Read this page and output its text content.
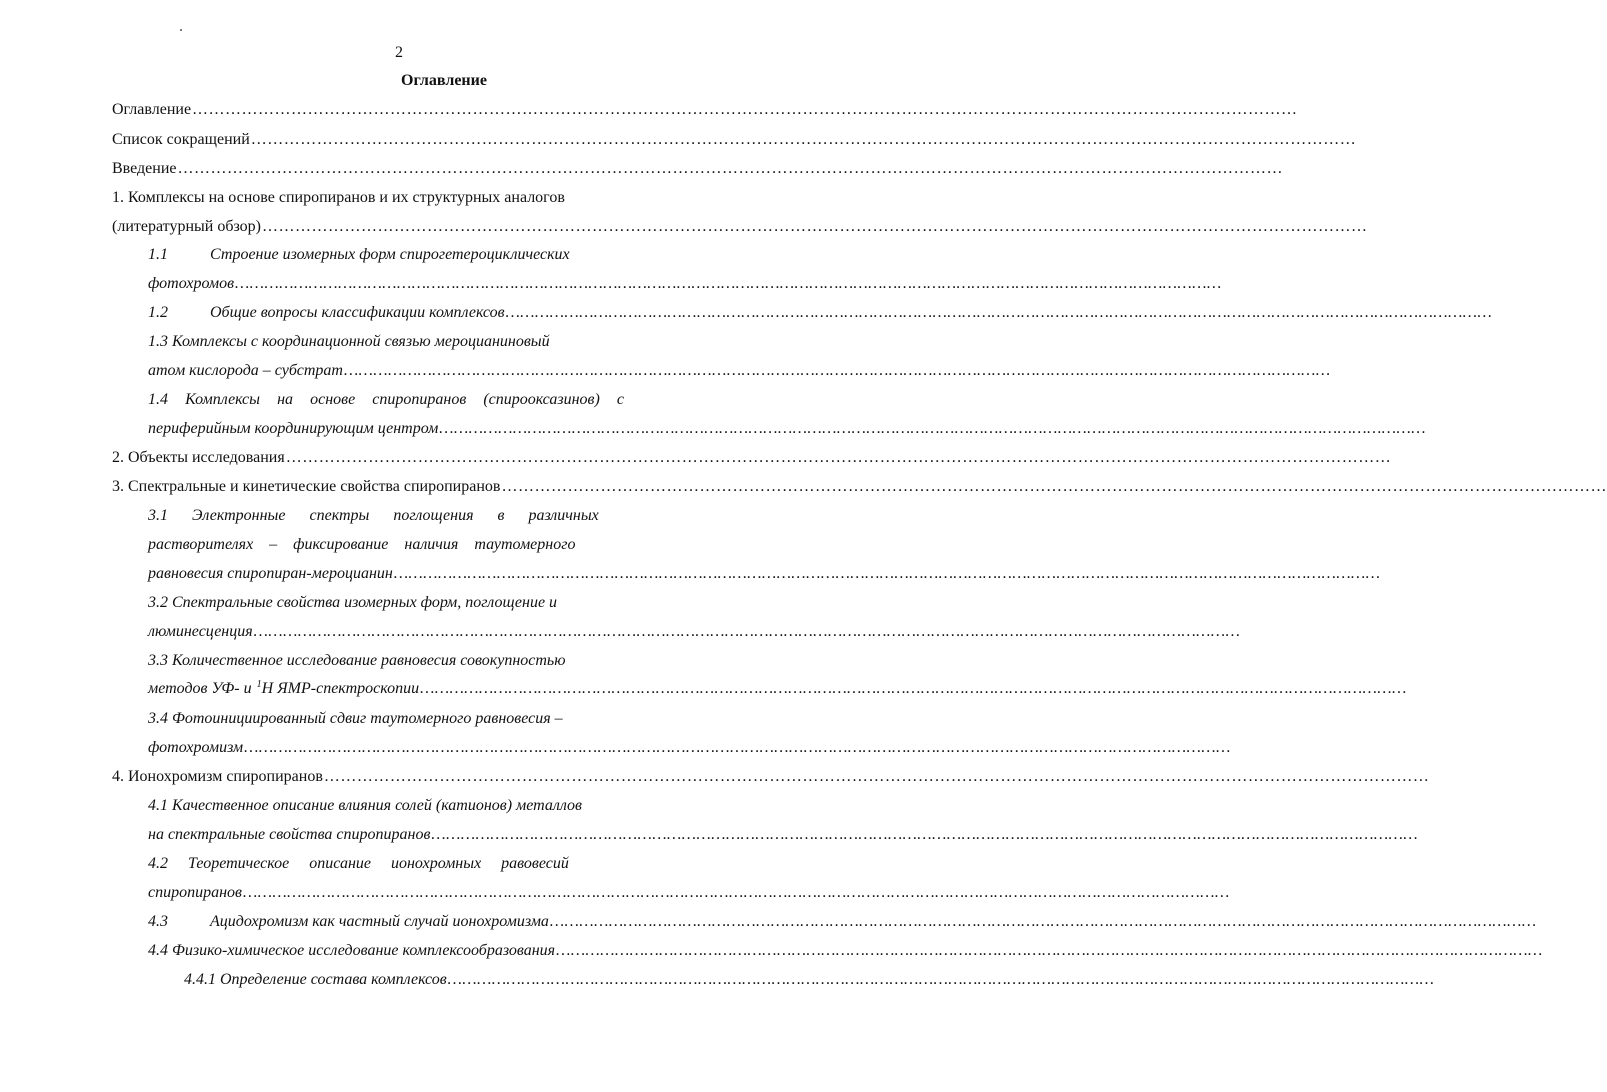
2
Оглавление
Оглавление…………………………………………………………………………………………………………………………………………………………………………………
Список сокращений…………………………………………………………………………………………………………………………………………………………………………………
Введение…………………………………………………………………………………………………………………………………………………………………………………
1. Комплексы на основе спиропиранов и их структурных аналогов
(литературный обзор)…………………………………………………………………………………………………………………………………………………………………………………
1.1	Строение изомерных форм спирогетероциклических
фотохромов…………………………………………………………………………………………………………………………………………………………………………………
1.2	Общие вопросы классификации комплексов…………………………………………………………………………………………………………………………………………………………………………………
1.3 Комплексы с координационной связью мероцианиновый
атом кислорода – субстрат…………………………………………………………………………………………………………………………………………………………………………………
1.4 Комплексы на основе спиропиранов (спирооксазинов) с
периферийным координирующим центром…………………………………………………………………………………………………………………………………………………………………………………
2. Объекты исследования…………………………………………………………………………………………………………………………………………………………………………………
3. Спектральные и кинетические свойства спиропиранов…………………………………………………………………………………………………………………………………………………………………………………
3.1      Электронные      спектры      поглощения      в      различных
растворителях    –    фиксирование    наличия    таутомерного
равновесия спиропиран-мероцианин…………………………………………………………………………………………………………………………………………………………………………………
3.2 Спектральные свойства изомерных форм, поглощение и
люминесценция…………………………………………………………………………………………………………………………………………………………………………………
3.3 Количественное исследование равновесия совокупностью
методов УФ- и $^1$Н ЯМР-спектроскопии…………………………………………………………………………………………………………………………………………………………………………………
3.4 Фотоинициированный сдвиг таутомерного равновесия –
фотохромизм…………………………………………………………………………………………………………………………………………………………………………………
4. Ионохромизм спиропиранов…………………………………………………………………………………………………………………………………………………………………………………
4.1 Качественное описание влияния солей (катионов) металлов
на спектральные свойства спиропиранов…………………………………………………………………………………………………………………………………………………………………………………
4.2     Теоретическое     описание     ионохромных     равовесий
спиропиранов…………………………………………………………………………………………………………………………………………………………………………………
4.3	Ацидохромизм как частный случай ионохромизма…………………………………………………………………………………………………………………………………………………………………………………
4.4 Физико-химическое исследование комплексообразования…………………………………………………………………………………………………………………………………………………………………………………
4.4.1 Определение состава комплексов…………………………………………………………………………………………………………………………………………………………………………………
